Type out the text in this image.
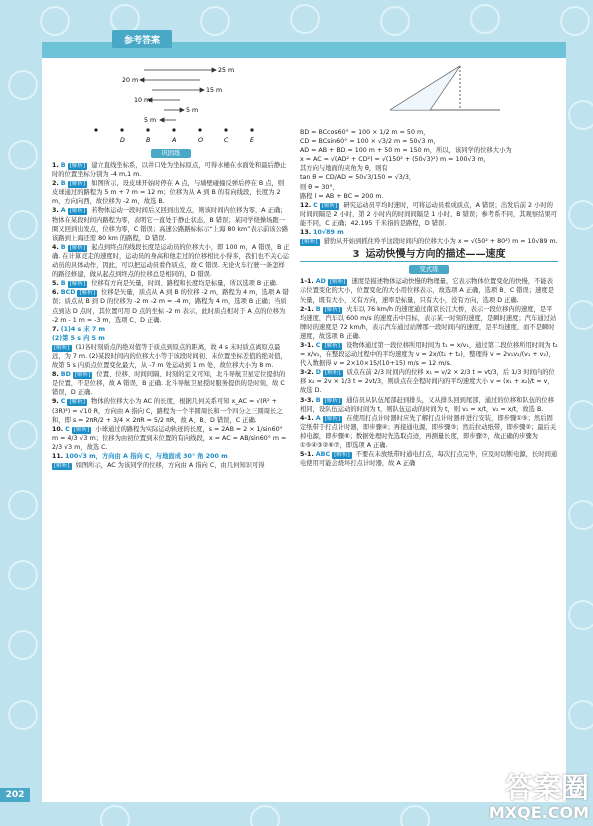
参考答案
25 m
20 m
15 m
10 m
5 m
5 m
D	B	A	O	C	E
巩固练

1. B [解析] 建立直线坐标系，以井口处为坐标原点，可得水桶在水面处和最后静止时的位置坐标分别为 -4 m,1 m.

2. B [解析] 如图所示，设皮球开始时停在 A 点，与墙壁碰撞反弹后停在 B 点，则皮球通过的路程为 5 m + 7 m = 12 m；位移为从 A 到 B 的有向线段，长度为 2 m，方向向西，故位移为 -2 m，故选 B.

3. A [解析] 若物体运动一段时间后又回到出发点，则该时间内位移为零，A 正确；物体在某段时间内路程为零，表明它一直处于静止状态，B 错误；某同学绕操场跑一圈又回到出发点，位移为零，C 错误；高速公路路标标示“上海 80 km”表示前该公路该路到上海还需 80 km 的路程，D 错误.

4. B [解析] 起点到终点的线段长度是运动员的位移大小，即 100 m，A 错误，B 正确. 在计算竞走的速度时，运动员的身高和他走过的位移相比小得多，我们也不关心运动员的具体动作，因此，可以把运动员看作质点，故 C 错误. 无论火车行驶一条怎样的路径修建，做从起点到终点的位移总是相同的，D 错误.

5. B [解析] 位移有方向是矢量，时间、路程和长度均是标量，所以选项 B 正确.

6. BCD [解析] 位移是矢量，质点从 A 到 B 的位移 -2 m，路程为 4 m，选项 A 错误；质点从 B 到 D 的位移为 -2 m -2 m = -4 m，路程为 4 m，选项 B 正确；当质点到达 D 点时，其位置可用 D 点的坐标 -2 m 表示，此时质点相对于 A 点的位移为 -2 m - 1 m = -3 m，选项 C、D 正确.

7. (1)4 s 末 7 m

(2)第 5 s 内 5 m

[解析] (1)各时刻质点的绝对值等于质点到原点的距离，故 4 s 末时质点离原点最远，为 7 m. (2)某段时间内的位移大小等于该段时间初、末位置坐标差值的绝对值，故第 5 s 内质点位置变化最大，从 -7 m 处运动到 1 m 处，故位移大小为 8 m.

8. BD [解析] 位置、位移、时间间隔、时刻的定义可知，北斗导航卫星定位提供的是位置，不是位移，故 A 错误，B 正确. 北斗导航卫星授时服务提供的是时刻，故 C 错误，D 正确.

9. C [解析] 物体的位移大小为 AC 的长度，根据几何关系可知 x_AC = √(R² + (3R)²) = √10 R，方向由 A 指向 C，路程为一个半圆周长和一个四分之三圆周长之和，即 s = 2πR/2 + 3/4 × 2πR = 5/2 πR，故 A、B、D 错误，C 正确.

10. C [解析] 小球通过的路程为实际运动轨迹的长度，s = 2AB = 2 × 1/sin60° m = 4/3 √3 m；位移为由初位置到末位置的有向线段，x = AC = AB/sin60° m = 2/3 √3 m，故选 C.

11. 100√3 m，方向由 A 指向 C，与地面成 30° 角 200 m

[解析] 如图所示，AC 为该同学的位移，方向由 A 指向 C，由几何知识可得

BD = BCcos60° = 100 × 1/2 m = 50 m，

CD = BCsin60° = 100 × √3/2 m = 50√3 m，

AD = AB + BD = 100 m + 50 m = 150 m，所以，该同学的位移大小为

x = AC = √(AD² + CD²) = √(150² + (50√3)²) m = 100√3 m，

其方向与地面的夹角为 θ，则有

tan θ = CD/AD = 50√3/150 = √3/3，

则 θ = 30°，

路程 l = AB + BC = 200 m.

12. C [解析] 研究运动员平均时速时，可将运动员看成质点，A 错误；出发后前 2 小时的时间间隔是 2 小时，第 2 小时内的时间间隔是 1 小时，B 错误；参考系不同，其观察结果可能不同，C 正确；42.195 千米指的是路程，D 错误.

13. 10√89 m

[解析] 猎豹从开始到抓住羚羊这段时间内的位移大小为 x = √(50² + 80²) m = 10√89 m.

3 运动快慢与方向的描述——速度
变式练

1-1. AD [解析] 速度是描述物体运动快慢的物理量，它表示物体位置变化的快慢，不能表示位置变化的大小，位置变化的大小用位移表示，故选项 A 正确，选项 B、C 错误；速度是矢量，既有大小，又有方向，速率是标量，只有大小，没有方向，选项 D 正确.

2-1. B [解析] 火车以 76 km/h 的速度通过南京长江大桥，表示一段位移内的速度，是平均速度，汽车以 600 m/s 的速度击中目标，表示某一时刻的速度，是瞬时速度；汽车通过站牌时的速度是 72 km/h，表示汽车通过站牌那一段时间内的速度，是平均速度，而不是瞬时速度，故选项 B 正确.

3-1. C [解析] 设物体通过第一段位移所用时间为 t₁ = x/v₁，通过第二段位移所用时间为 t₂ = x/v₂，在整段运动过程中的平均速度为 v = 2x/(t₁ + t₂)，整理得 v = 2v₁v₂/(v₁ + v₂)，代入数据得 v = 2×10×15/(10+15) m/s = 12 m/s.

3-2. D [解析] 质点在前 2/3 时间内的位移 x₁ = v/2 × 2/3 t = vt/3，后 1/3 时间内的位移 x₂ = 2v × 1/3 t = 2vt/3，则质点在全程时间内的平均速度大小 v = (x₁ + x₂)/t = v，故选 D.

3-3. B [解析] 通信员从队伍尾部赶到排头，又从排头回到尾部，通过的位移和队伍的位移相同，设队伍运动的时间为 t，则队伍运动的时间为 t，则 v₁ = x/t，v₂ = x/t，故选 B.

4-1. A [解析] 在使用打点计时器时应先了解打点计时器并进行安装，即步骤①⑤；然后固定纸带于打点计时器，即步骤④；再接通电源，即步骤③；然后拉动纸带，即步骤②；最后关掉电源，即步骤⑥；数据处理时先选取点迹，再测量长度，即步骤⑦，故正确的步骤为①⑤④③②⑥⑦，即选项 A 正确.

5-1. ABC [解析] 不要在未放纸带时通电打点，每次打点完毕，应及时切断电源，长时间通电使用可能会烧坏打点计时器，故 A 正确

202	答案圈
MXQE.COM
